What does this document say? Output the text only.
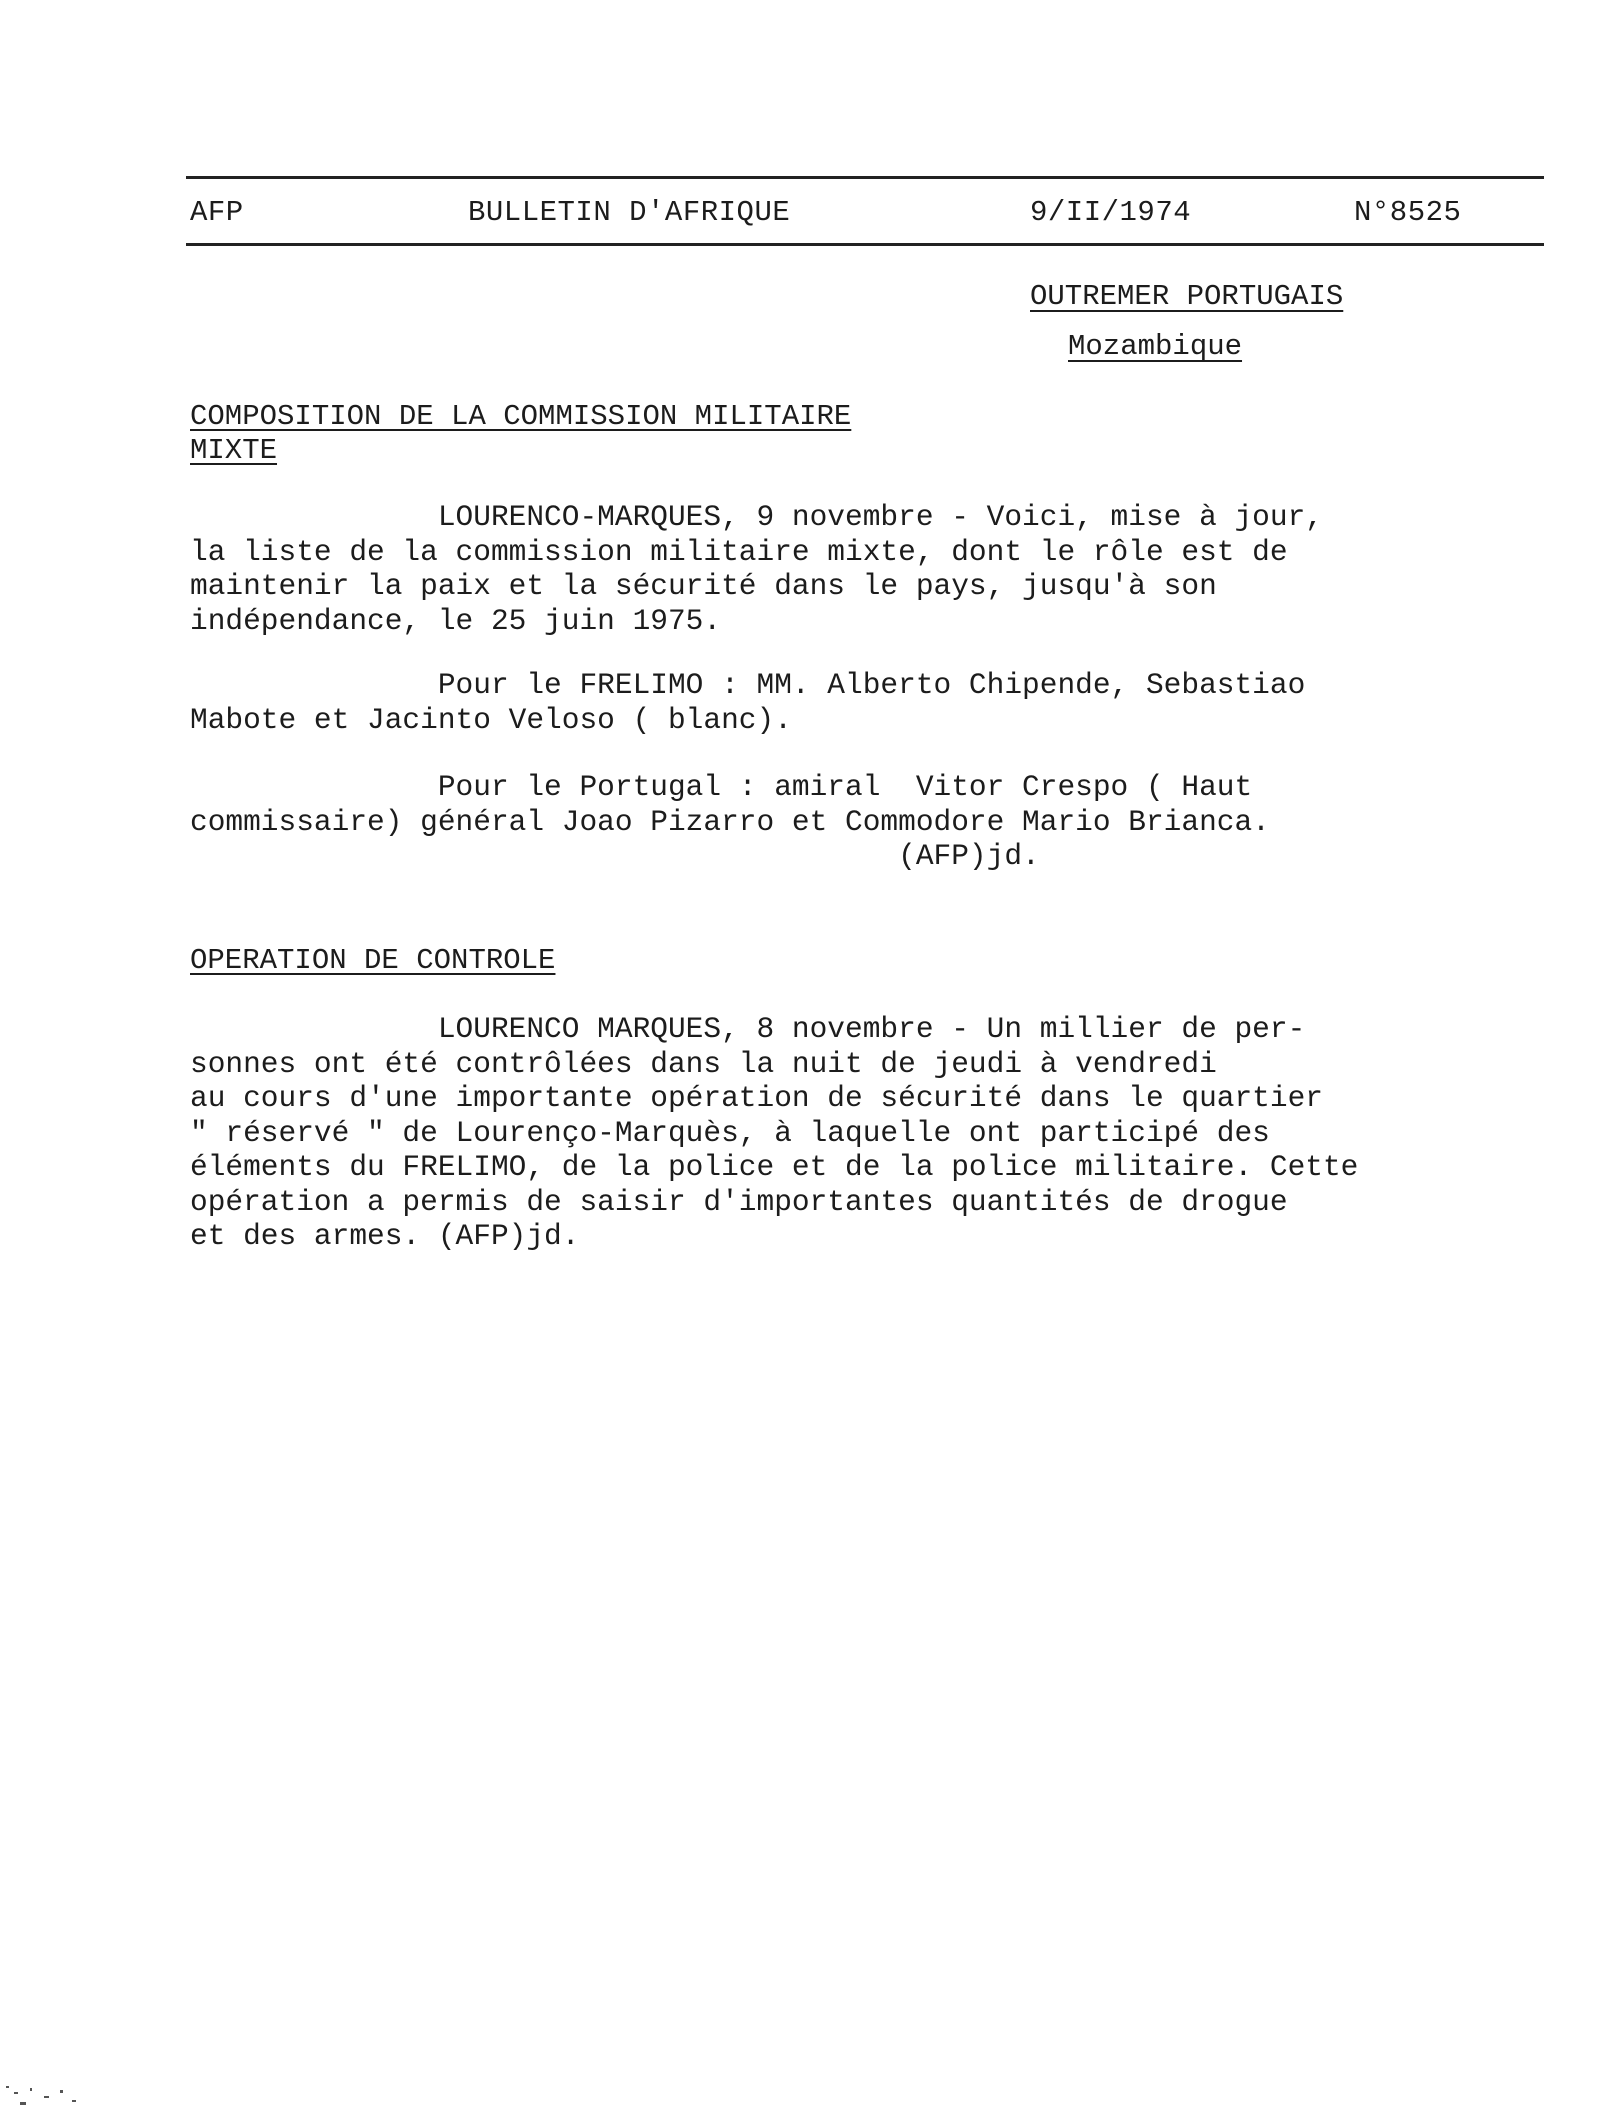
AFP	BULLETIN D'AFRIQUE	9/II/1974	N°8525
OUTREMER PORTUGAIS
Mozambique
COMPOSITION DE LA COMMISSION MILITAIRE
MIXTE
LOURENCO-MARQUES, 9 novembre - Voici, mise à jour,
la liste de la commission militaire mixte, dont le rôle est de
maintenir la paix et la sécurité dans le pays, jusqu'à son
indépendance, le 25 juin 1975.
Pour le FRELIMO : MM. Alberto Chipende, Sebastiao
Mabote et Jacinto Veloso ( blanc).
Pour le Portugal : amiral  Vitor Crespo ( Haut
commissaire) général Joao Pizarro et Commodore Mario Brianca.
(AFP)jd.
OPERATION DE CONTROLE
LOURENCO MARQUES, 8 novembre - Un millier de per-
sonnes ont été contrôlées dans la nuit de jeudi à vendredi
au cours d'une importante opération de sécurité dans le quartier
" réservé " de Lourenço-Marquès, à laquelle ont participé des
éléments du FRELIMO, de la police et de la police militaire. Cette
opération a permis de saisir d'importantes quantités de drogue
et des armes. (AFP)jd.
